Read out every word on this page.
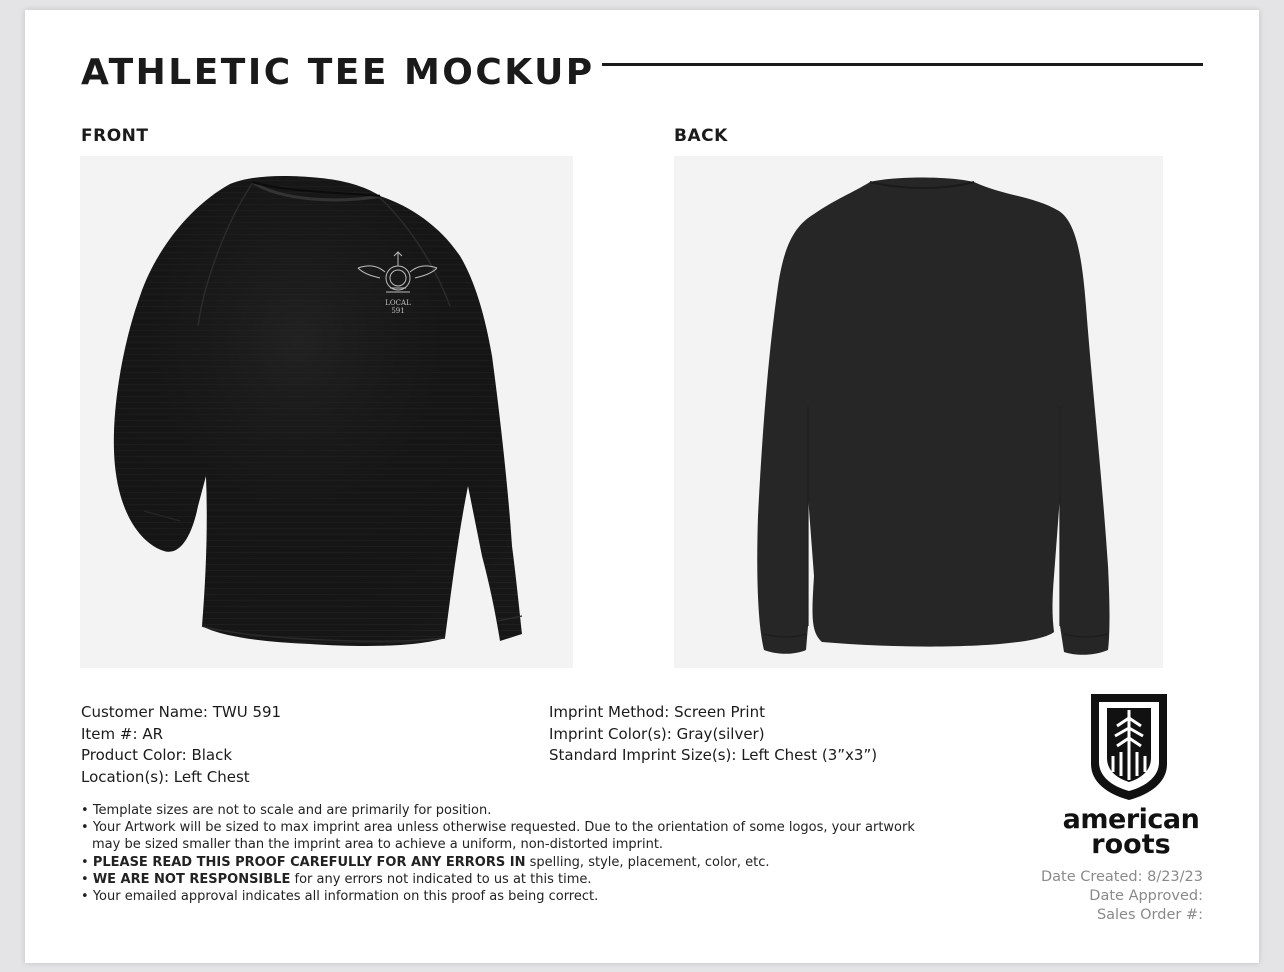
ATHLETIC TEE MOCKUP
FRONT	BACK
LOCAL
591
Customer Name: TWU 591
Item #: AR
Product Color: Black
Location(s): Left Chest
Imprint Method: Screen Print
Imprint Color(s): Gray(silver)
Standard Imprint Size(s): Left Chest (3”x3”)
• Template sizes are not to scale and are primarily for position.
• Your Artwork will be sized to max imprint area unless otherwise requested. Due to the orientation of some logos, your artwork may be sized smaller than the imprint area to achieve a uniform, non-distorted imprint.
• PLEASE READ THIS PROOF CAREFULLY FOR ANY ERRORS IN spelling, style, placement, color, etc.
• WE ARE NOT RESPONSIBLE for any errors not indicated to us at this time.
• Your emailed approval indicates all information on this proof as being correct.
american
roots
Date Created: 8/23/23
Date Approved:
Sales Order #:
